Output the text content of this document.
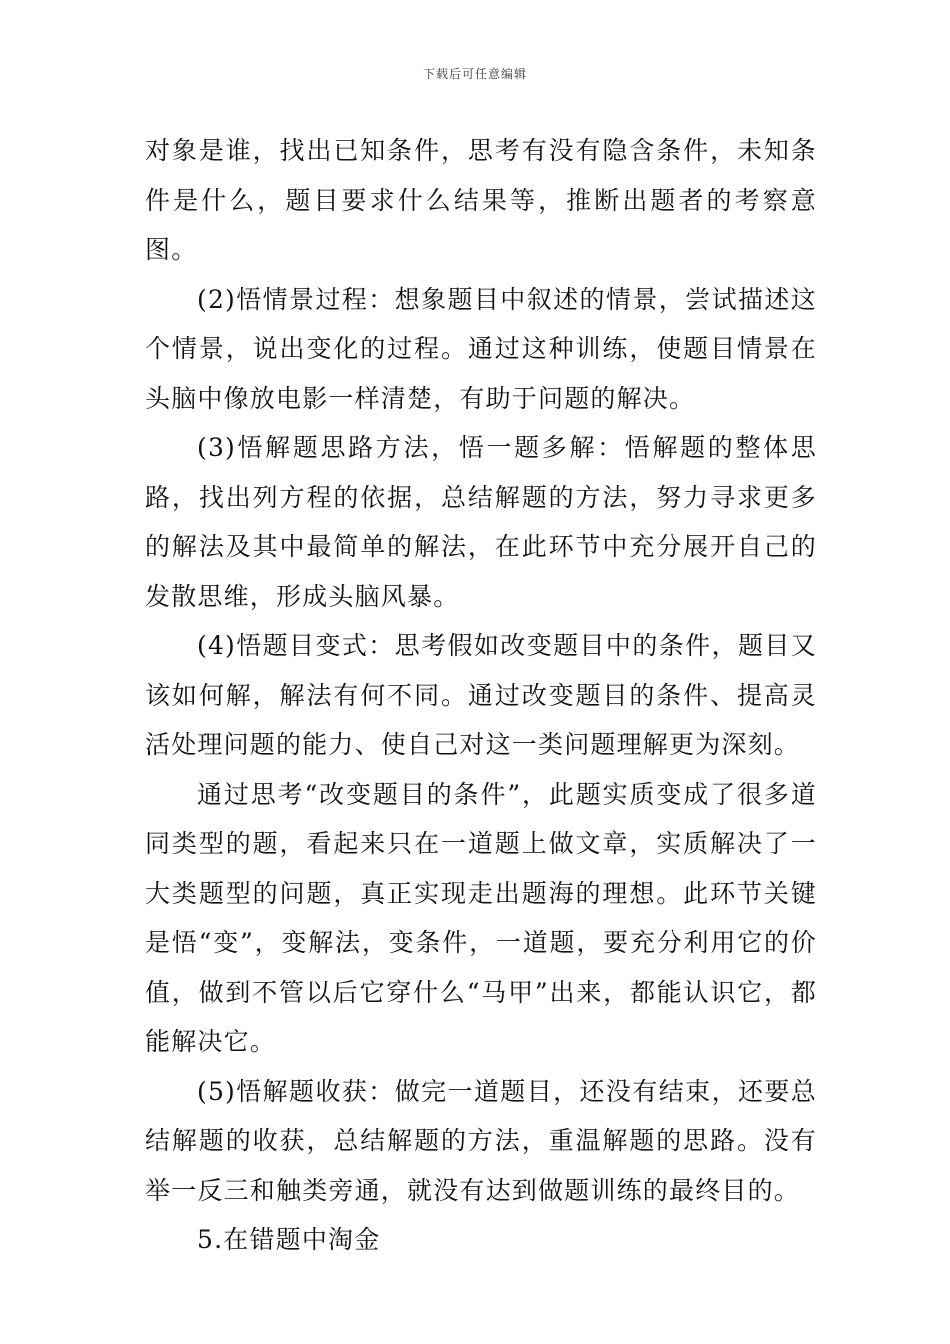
下载后可任意编辑

对象是谁，找出已知条件，思考有没有隐含条件，未知条件是什么，题目要求什么结果等，推断出题者的考察意图。

(2)悟情景过程：想象题目中叙述的情景，尝试描述这个情景，说出变化的过程。通过这种训练，使题目情景在头脑中像放电影一样清楚，有助于问题的解决。

(3)悟解题思路方法，悟一题多解：悟解题的整体思路，找出列方程的依据，总结解题的方法，努力寻求更多的解法及其中最简单的解法，在此环节中充分展开自己的发散思维，形成头脑风暴。

(4)悟题目变式：思考假如改变题目中的条件，题目又该如何解，解法有何不同。通过改变题目的条件、提高灵活处理问题的能力、使自己对这一类问题理解更为深刻。

通过思考“改变题目的条件”，此题实质变成了很多道同类型的题，看起来只在一道题上做文章，实质解决了一大类题型的问题，真正实现走出题海的理想。此环节关键是悟“变”，变解法，变条件，一道题，要充分利用它的价值，做到不管以后它穿什么“马甲”出来，都能认识它，都能解决它。

(5)悟解题收获：做完一道题目，还没有结束，还要总结解题的收获，总结解题的方法，重温解题的思路。没有举一反三和触类旁通，就没有达到做题训练的最终目的。

5.在错题中淘金
